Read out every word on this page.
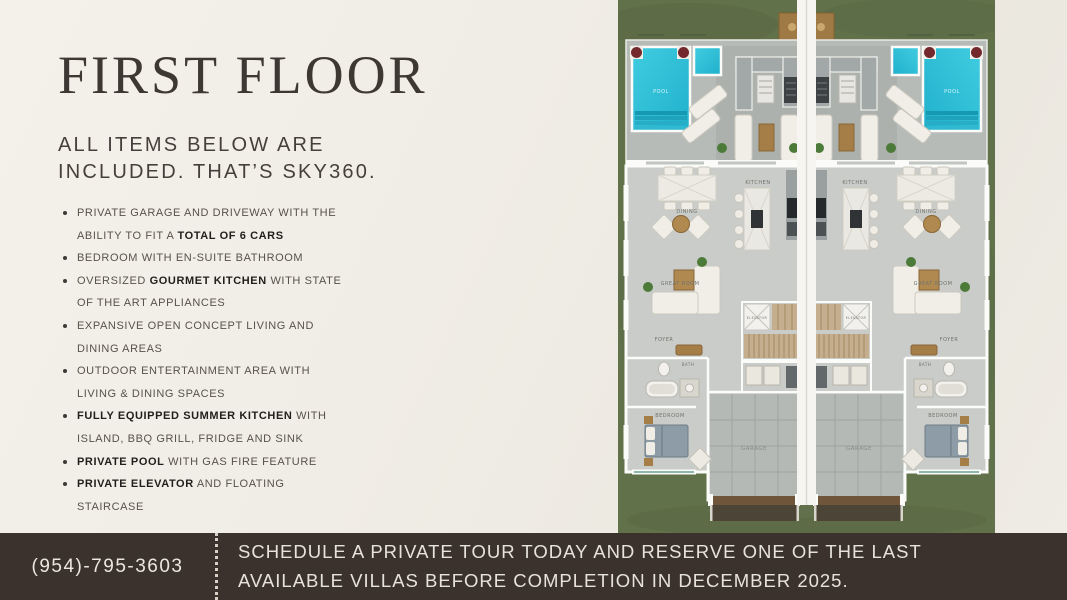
FIRST FLOOR
ALL ITEMS BELOW ARE
INCLUDED. THAT’S SKY360.
PRIVATE GARAGE AND DRIVEWAY WITH THE ABILITY TO FIT A TOTAL OF 6 CARS
BEDROOM WITH EN-SUITE BATHROOM
OVERSIZED GOURMET KITCHEN WITH STATE OF THE ART APPLIANCES
EXPANSIVE OPEN CONCEPT LIVING AND DINING AREAS
OUTDOOR ENTERTAINMENT AREA WITH LIVING & DINING SPACES
FULLY EQUIPPED SUMMER KITCHEN WITH ISLAND, BBQ GRILL, FRIDGE AND SINK
PRIVATE POOL WITH GAS FIRE FEATURE
PRIVATE ELEVATOR AND FLOATING STAIRCASE
POOL	POOL
DINING	DINING
KITCHEN	KITCHEN
GREAT ROOM	GREAT ROOM
FOYER	FOYER
BATH	BATH
BEDROOM	BEDROOM
ELEVATOR	ELEVATOR
GARAGE	GARAGE
(954)-795-3603
SCHEDULE A PRIVATE TOUR TODAY AND RESERVE ONE OF THE LAST AVAILABLE VILLAS BEFORE COMPLETION IN DECEMBER 2025.
